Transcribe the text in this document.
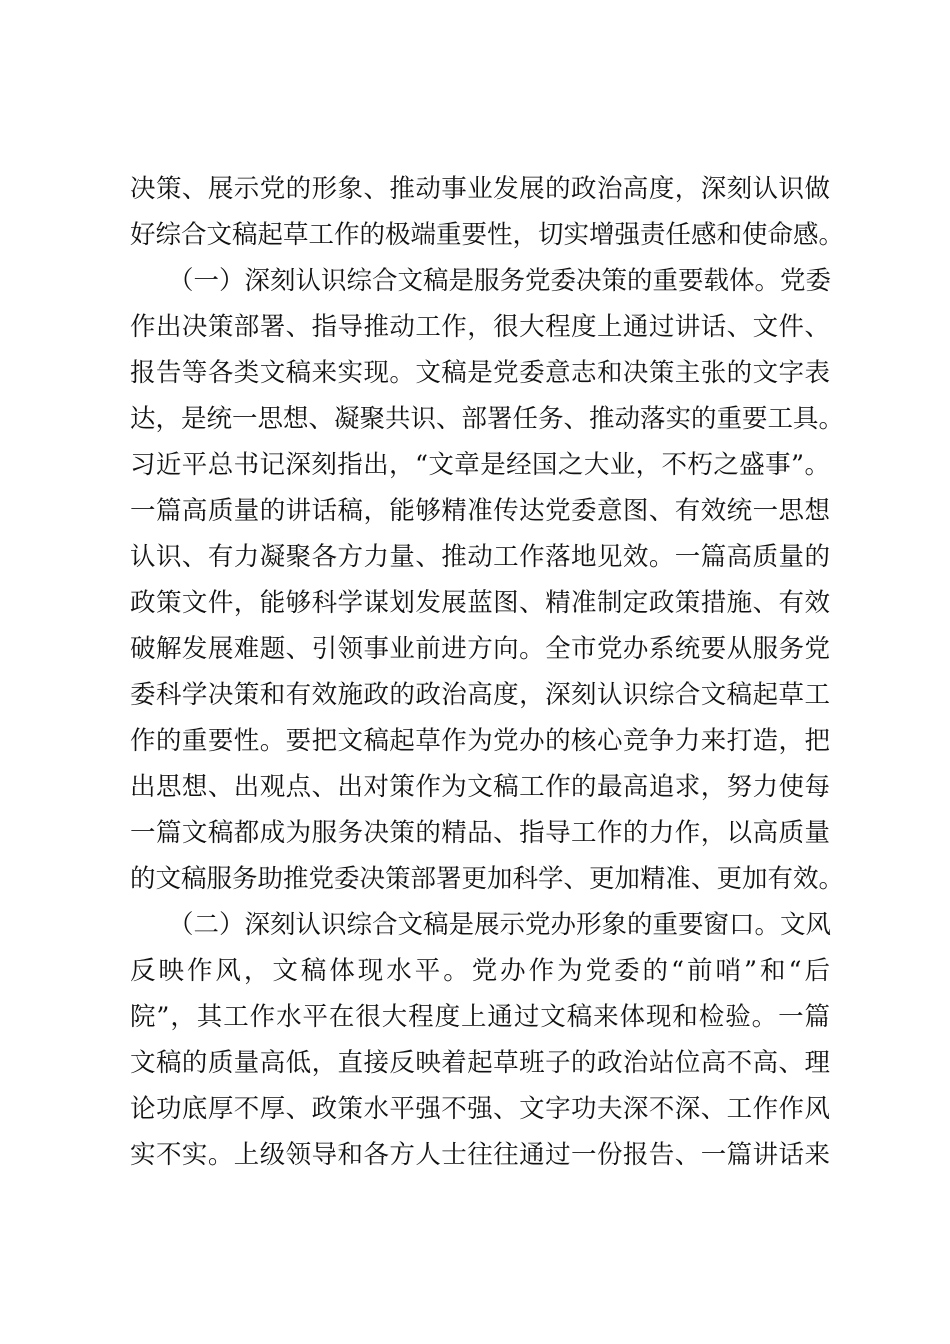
决策、展示党的形象、推动事业发展的政治高度，深刻认识做
好综合文稿起草工作的极端重要性，切实增强责任感和使命感。
（一）深刻认识综合文稿是服务党委决策的重要载体。党委
作出决策部署、指导推动工作，很大程度上通过讲话、文件、
报告等各类文稿来实现。文稿是党委意志和决策主张的文字表
达，是统一思想、凝聚共识、部署任务、推动落实的重要工具。
习近平总书记深刻指出，“文章是经国之大业，不朽之盛事”。
一篇高质量的讲话稿，能够精准传达党委意图、有效统一思想
认识、有力凝聚各方力量、推动工作落地见效。一篇高质量的
政策文件，能够科学谋划发展蓝图、精准制定政策措施、有效
破解发展难题、引领事业前进方向。全市党办系统要从服务党
委科学决策和有效施政的政治高度，深刻认识综合文稿起草工
作的重要性。要把文稿起草作为党办的核心竞争力来打造，把
出思想、出观点、出对策作为文稿工作的最高追求，努力使每
一篇文稿都成为服务决策的精品、指导工作的力作，以高质量
的文稿服务助推党委决策部署更加科学、更加精准、更加有效。
（二）深刻认识综合文稿是展示党办形象的重要窗口。文风
反映作风，文稿体现水平。党办作为党委的“前哨”和“后
院”，其工作水平在很大程度上通过文稿来体现和检验。一篇
文稿的质量高低，直接反映着起草班子的政治站位高不高、理
论功底厚不厚、政策水平强不强、文字功夫深不深、工作作风
实不实。上级领导和各方人士往往通过一份报告、一篇讲话来
